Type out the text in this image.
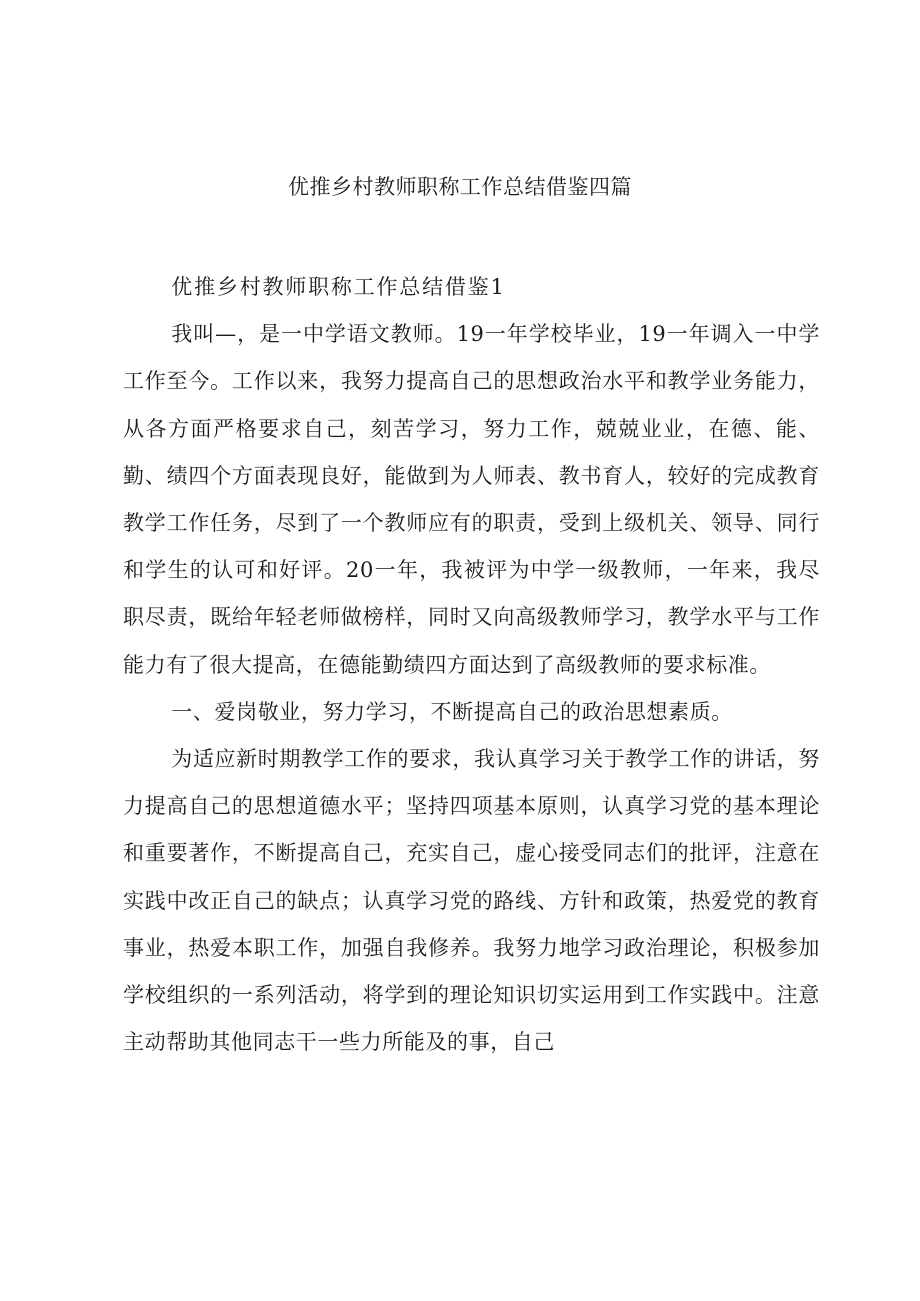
优推乡村教师职称工作总结借鉴四篇

优推乡村教师职称工作总结借鉴1

我叫—，是一中学语文教师。19一年学校毕业，19一年调入一中学工作至今。工作以来，我努力提高自己的思想政治水平和教学业务能力，从各方面严格要求自己，刻苦学习，努力工作，兢兢业业，在德、能、勤、绩四个方面表现良好，能做到为人师表、教书育人，较好的完成教育教学工作任务，尽到了一个教师应有的职责，受到上级机关、领导、同行和学生的认可和好评。20一年，我被评为中学一级教师，一年来，我尽职尽责，既给年轻老师做榜样，同时又向高级教师学习，教学水平与工作能力有了很大提高，在德能勤绩四方面达到了高级教师的要求标准。

一、爱岗敬业，努力学习，不断提高自己的政治思想素质。

为适应新时期教学工作的要求，我认真学习关于教学工作的讲话，努力提高自己的思想道德水平；坚持四项基本原则，认真学习党的基本理论和重要著作，不断提高自己，充实自己，虚心接受同志们的批评，注意在实践中改正自己的缺点；认真学习党的路线、方针和政策，热爱党的教育事业，热爱本职工作，加强自我修养。我努力地学习政治理论，积极参加学校组织的一系列活动，将学到的理论知识切实运用到工作实践中。注意主动帮助其他同志干一些力所能及的事，自己
